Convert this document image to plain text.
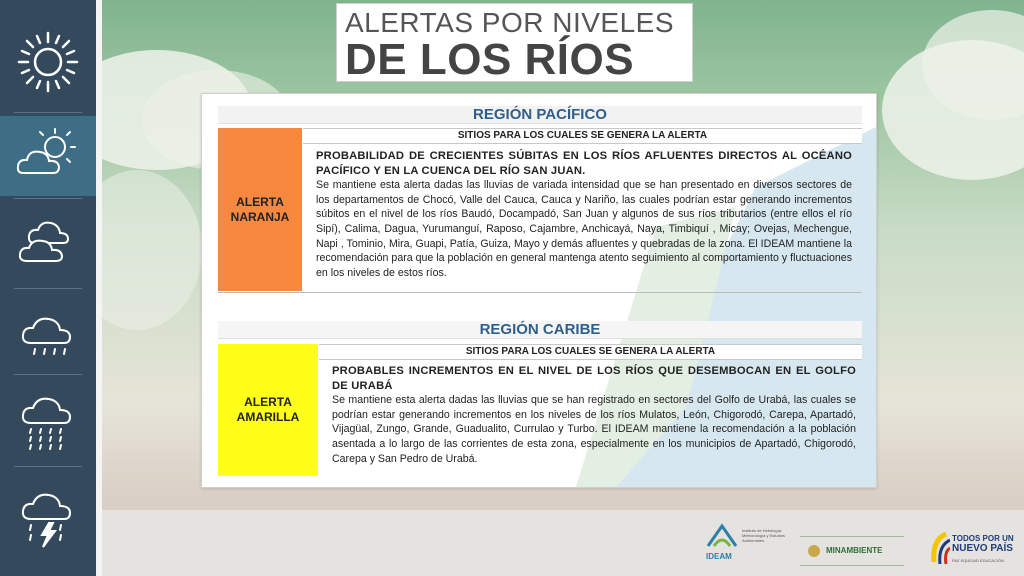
ALERTAS POR NIVELES
DE LOS RÍOS
REGIÓN PACÍFICO
SITIOS PARA LOS CUALES SE GENERA LA ALERTA
ALERTA
NARANJA
PROBABILIDAD DE CRECIENTES SÚBITAS EN LOS RÍOS AFLUENTES DIRECTOS AL OCÉANO PACÍFICO Y EN LA CUENCA DEL RÍO SAN JUAN.
Se mantiene esta alerta dadas las lluvias de variada intensidad que se han presentado en diversos sectores de los departamentos de Chocó, Valle del Cauca, Cauca y Nariño, las cuales podrían estar generando incrementos súbitos en el nivel de los ríos Baudó, Docampadó, San Juan y algunos de sus ríos tributarios (entre ellos el río Sipí), Calima, Dagua, Yurumanguí, Raposo, Cajambre, Anchicayá, Naya, Timbiquí , Micay; Ovejas, Mechengue, Napi , Tominio, Mira, Guapi, Patía, Guiza, Mayo y demás afluentes y quebradas de la zona. El IDEAM mantiene la recomendación para que la población en general mantenga atento seguimiento al comportamiento y fluctuaciones en los niveles de estos ríos.
REGIÓN CARIBE
SITIOS PARA LOS CUALES SE GENERA LA ALERTA
ALERTA
AMARILLA
PROBABLES INCREMENTOS EN EL NIVEL DE LOS RÍOS QUE DESEMBOCAN EN EL GOLFO DE URABÁ
Se mantiene esta alerta dadas las lluvias que se han registrado en sectores del Golfo de Urabá, las cuales se podrían estar generando incrementos en los niveles de los ríos Mulatos, León, Chigorodó, Carepa, Apartadó, Vijagüal, Zungo, Grande, Guadualito, Currulao y Turbo. El IDEAM mantiene la recomendación a la población asentada a lo largo de las corrientes de esta zona, especialmente en los municipios de Apartadó, Chigorodó, Carepa y San Pedro de Urabá.
IDEAM
Instituto de Hidrología, Meteorología y Estudios Ambientales
MINAMBIENTE
TODOS POR UN
NUEVO PAÍS
PAZ EQUIDAD EDUCACIÓN
